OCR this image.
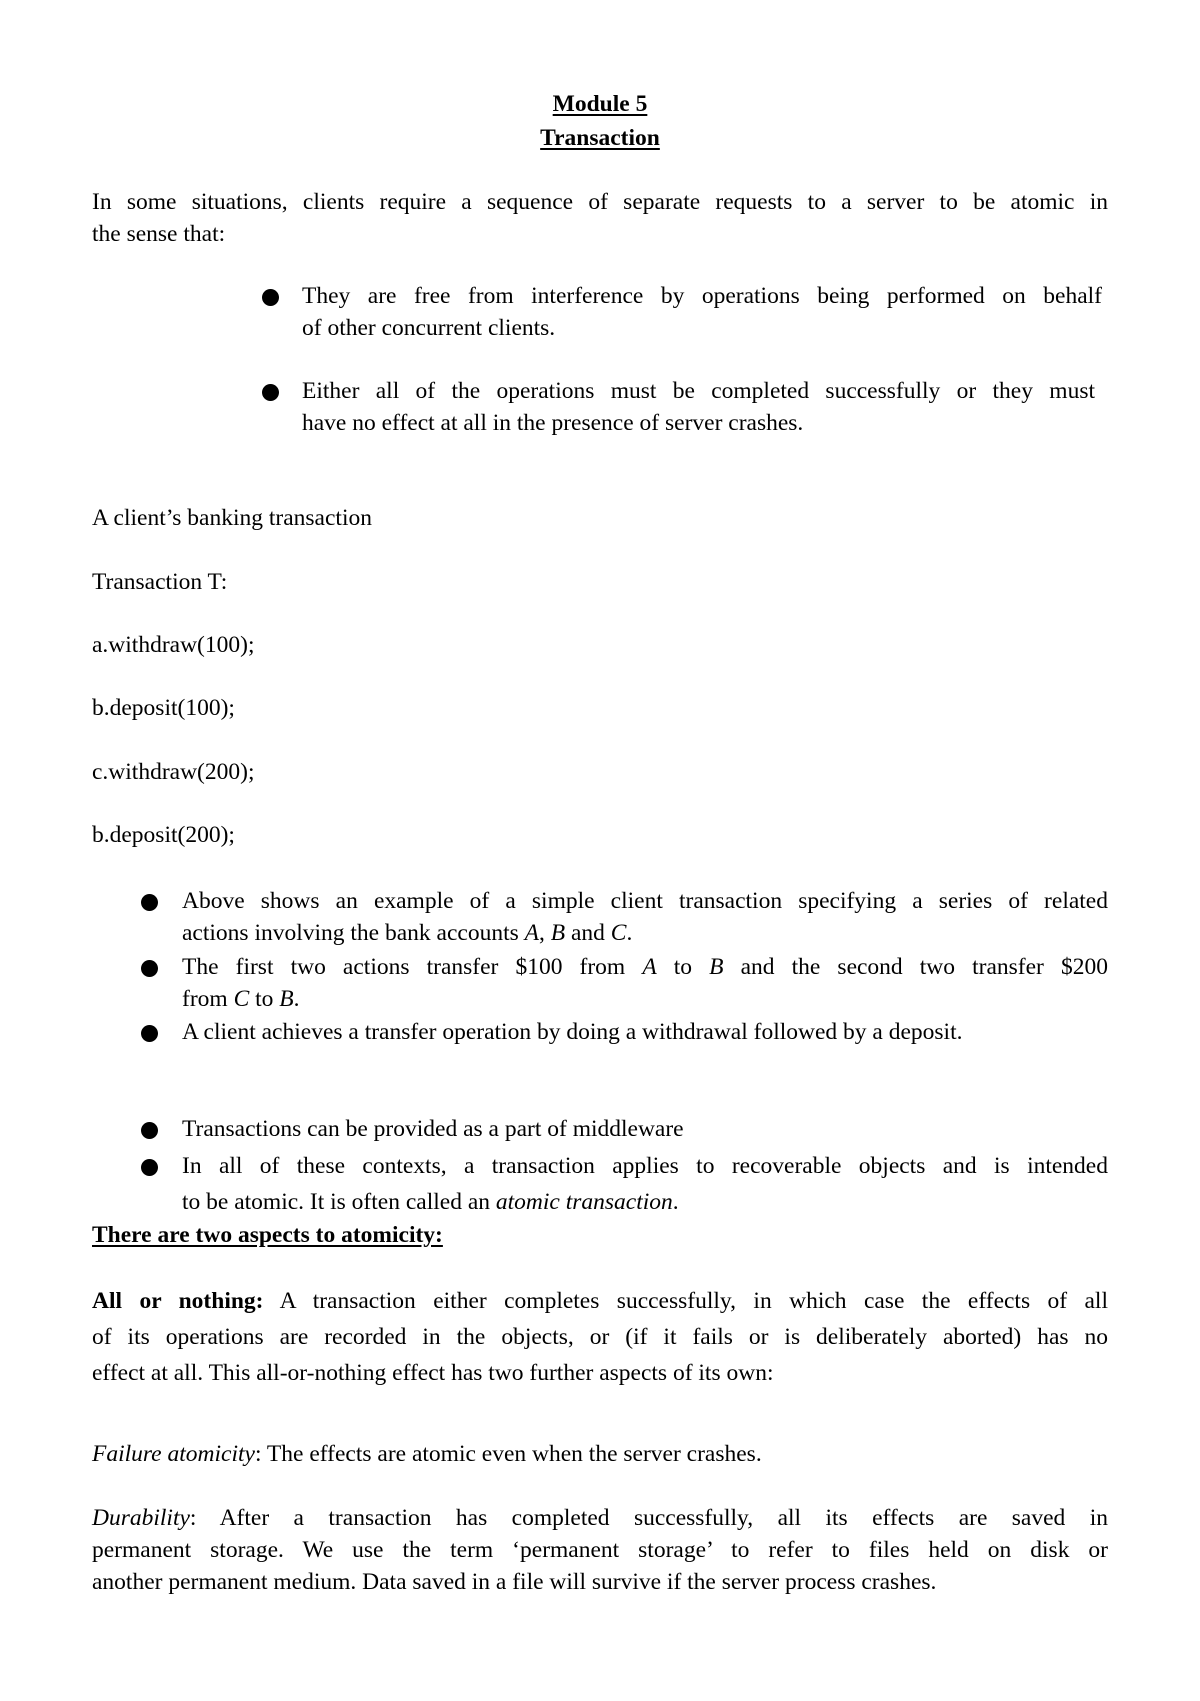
Module 5
Transaction
In some situations, clients require a sequence of separate requests to a server to be atomic in
the sense that:
They are free from interference by operations being performed on behalf
of other concurrent clients.
Either all of the operations must be completed successfully or they must
have no effect at all in the presence of server crashes.
A client’s banking transaction
Transaction T:
a.withdraw(100);
b.deposit(100);
c.withdraw(200);
b.deposit(200);
Above shows an example of a simple client transaction specifying a series of related
actions involving the bank accounts A, B and C.
The first two actions transfer $100 from A to B and the second two transfer $200
from C to B.
A client achieves a transfer operation by doing a withdrawal followed by a deposit.
Transactions can be provided as a part of middleware
In all of these contexts, a transaction applies to recoverable objects and is intended
to be atomic. It is often called an atomic transaction.
There are two aspects to atomicity:
All or nothing: A transaction either completes successfully, in which case the effects of all
of its operations are recorded in the objects, or (if it fails or is deliberately aborted) has no
effect at all. This all-or-nothing effect has two further aspects of its own:
Failure atomicity: The effects are atomic even when the server crashes.
Durability: After a transaction has completed successfully, all its effects are saved in
permanent storage. We use the term ‘permanent storage’ to refer to files held on disk or
another permanent medium. Data saved in a file will survive if the server process crashes.
